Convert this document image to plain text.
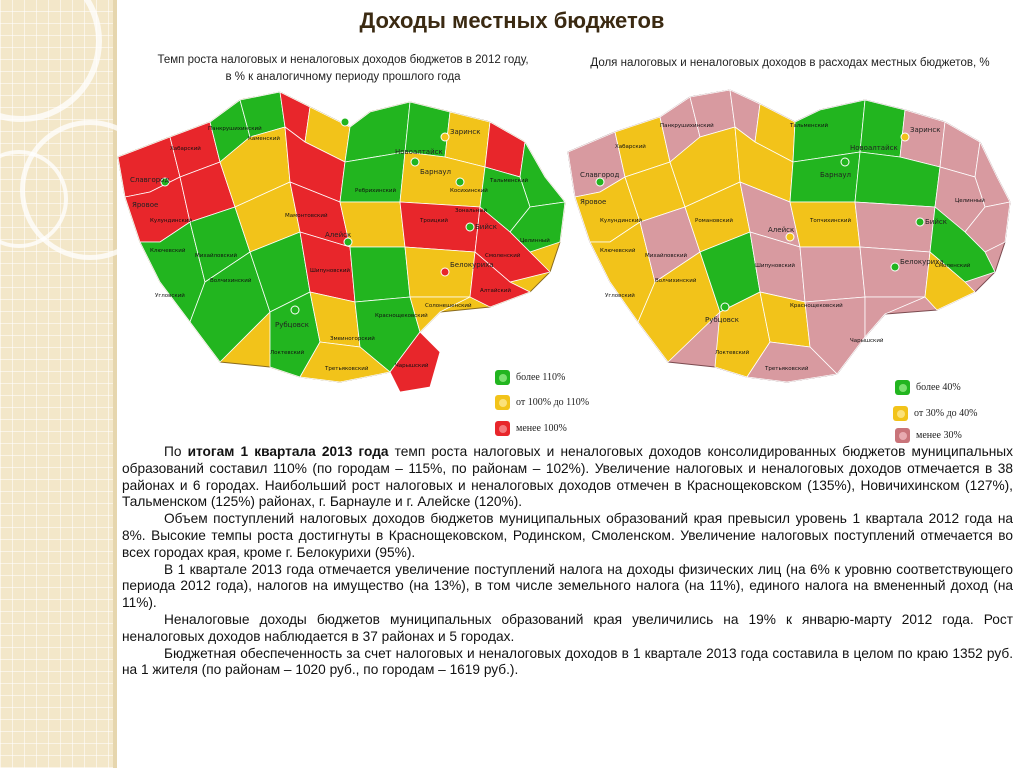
Доходы местных бюджетов
Темп роста налоговых и неналоговых доходов бюджетов в 2012 году,
в % к аналогичному периоду прошлого года
Доля налоговых и неналоговых доходов в расходах местных бюджетов, %
Хабарский
Панкрушихинский
Каменский
Заринск
Новоалтайск
Барнаул
Бийск
Алейск
Рубцовск
Славгород
Яровое
Белокуриха
Кулундинский
Ключевский
Михайловский
Волчихинский
Угловский
Локтевский
Третьяковский
Змеиногорский
Краснощековский
Чарышский
Солонешенский
Алтайский
Смоленский
Целинный
Шипуновский
Мамонтовский
Ребрихинский
Тальменский
Косихинский
Троицкий
Зональный
Хабарский
Панкрушихинский	Заринск
Новоалтайск
Барнаул
Бийск
Алейск
Рубцовск
Славгород
Яровое
Белокуриха
Кулундинский
Ключевский
Михайловский
Волчихинский
Угловский
Локтевский
Третьяковский
Краснощековский
Чарышский
Смоленский
Целинный
Тальменский
Шипуновский
Романовский	Топчихинский
более 110%
от 100% до 110%
менее 100%
более 40%
от 30% до 40%
менее 30%

По итогам 1 квартала 2013 года темп роста налоговых и неналоговых доходов консолидированных бюджетов муниципальных образований составил 110% (по городам – 115%, по районам – 102%). Увеличение налоговых и неналоговых доходов отмечается в 38 районах и 6 городах. Наибольший рост налоговых и неналоговых доходов отмечен в Краснощековском (135%), Новичихинском (127%), Тальменском (125%) районах, г. Барнауле и г. Алейске (120%).

Объем поступлений налоговых доходов бюджетов муниципальных образований края превысил уровень 1 квартала 2012 года на 8%. Высокие темпы роста достигнуты в Краснощековском, Родинском, Смоленском. Увеличение налоговых поступлений отмечается во всех городах края, кроме г. Белокурихи (95%).

В 1 квартале 2013 года отмечается увеличение поступлений налога на доходы физических лиц (на 6% к уровню соответствующего периода 2012 года), налогов на имущество (на 13%), в том числе земельного налога (на 11%), единого налога на вмененный доход (на 11%).

Неналоговые доходы бюджетов муниципальных образований края увеличились на 19% к январю-марту 2012 года. Рост неналоговых доходов наблюдается в 37 районах и 5 городах.

Бюджетная обеспеченность за счет налоговых и неналоговых доходов в 1 квартале 2013 года составила в целом по краю 1352 руб. на 1 жителя (по районам – 1020 руб., по городам – 1619 руб.).
